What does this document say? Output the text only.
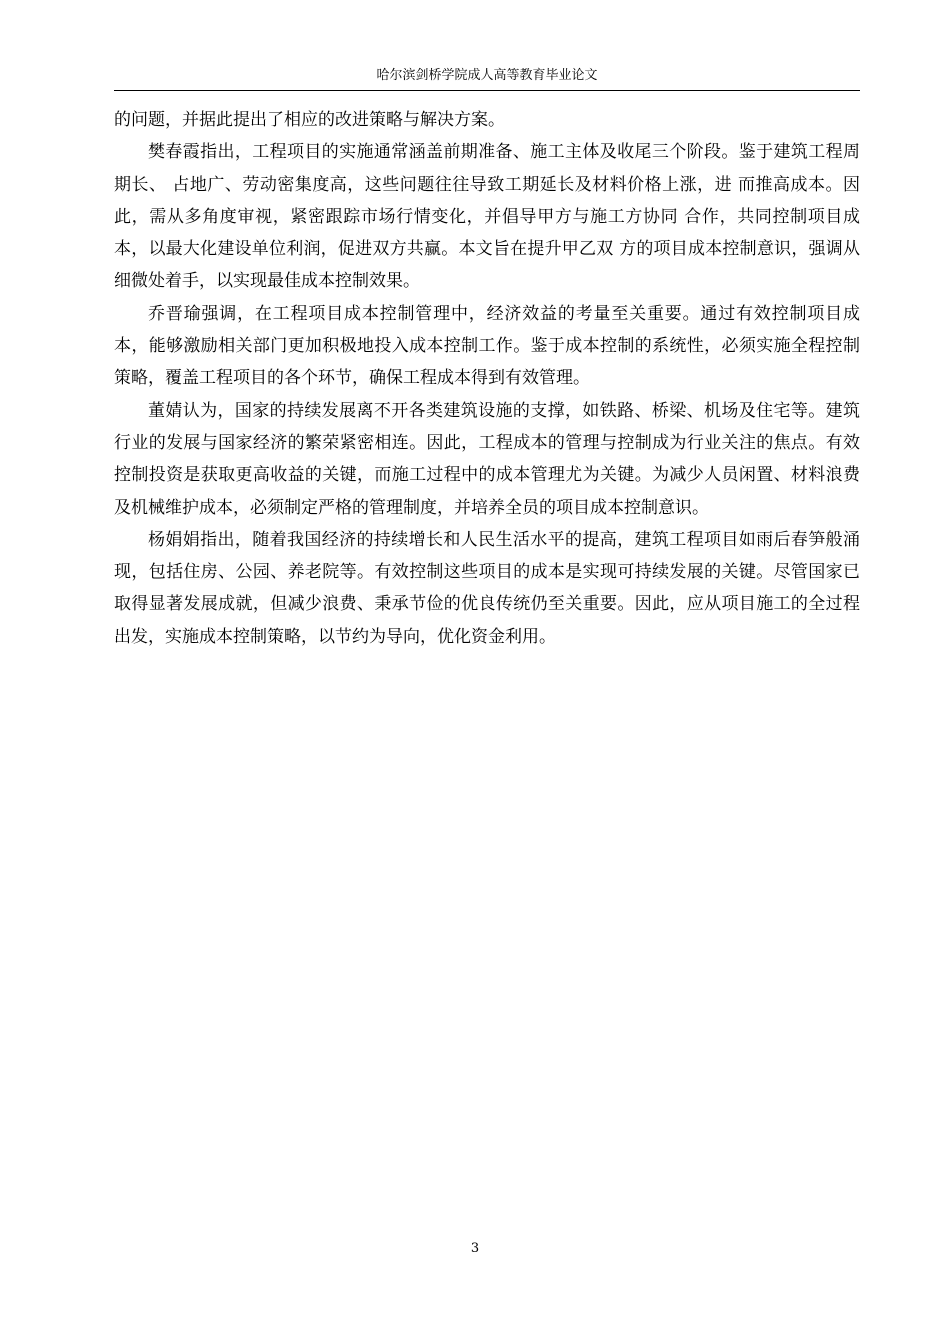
哈尔滨剑桥学院成人高等教育毕业论文

的问题，并据此提出了相应的改进策略与解决方案。

樊春霞指出，工程项目的实施通常涵盖前期准备、施工主体及收尾三个阶段。鉴于建筑工程周期长、 占地广、劳动密集度高，这些问题往往导致工期延长及材料价格上涨，进 而推高成本。因此，需从多角度审视，紧密跟踪市场行情变化，并倡导甲方与施工方协同 合作，共同控制项目成本，以最大化建设单位利润，促进双方共赢。本文旨在提升甲乙双 方的项目成本控制意识，强调从细微处着手，以实现最佳成本控制效果。

乔晋瑜强调，在工程项目成本控制管理中，经济效益的考量至关重要。通过有效控制项目成本，能够激励相关部门更加积极地投入成本控制工作。鉴于成本控制的系统性，必须实施全程控制策略，覆盖工程项目的各个环节，确保工程成本得到有效管理。

董婧认为，国家的持续发展离不开各类建筑设施的支撑，如铁路、桥梁、机场及住宅等。建筑行业的发展与国家经济的繁荣紧密相连。因此，工程成本的管理与控制成为行业关注的焦点。有效控制投资是获取更高收益的关键，而施工过程中的成本管理尤为关键。为减少人员闲置、材料浪费及机械维护成本，必须制定严格的管理制度，并培养全员的项目成本控制意识。

杨娟娟指出，随着我国经济的持续增长和人民生活水平的提高，建筑工程项目如雨后春笋般涌现，包括住房、公园、养老院等。有效控制这些项目的成本是实现可持续发展的关键。尽管国家已取得显著发展成就，但减少浪费、秉承节俭的优良传统仍至关重要。因此，应从项目施工的全过程出发，实施成本控制策略，以节约为导向，优化资金利用。

3
